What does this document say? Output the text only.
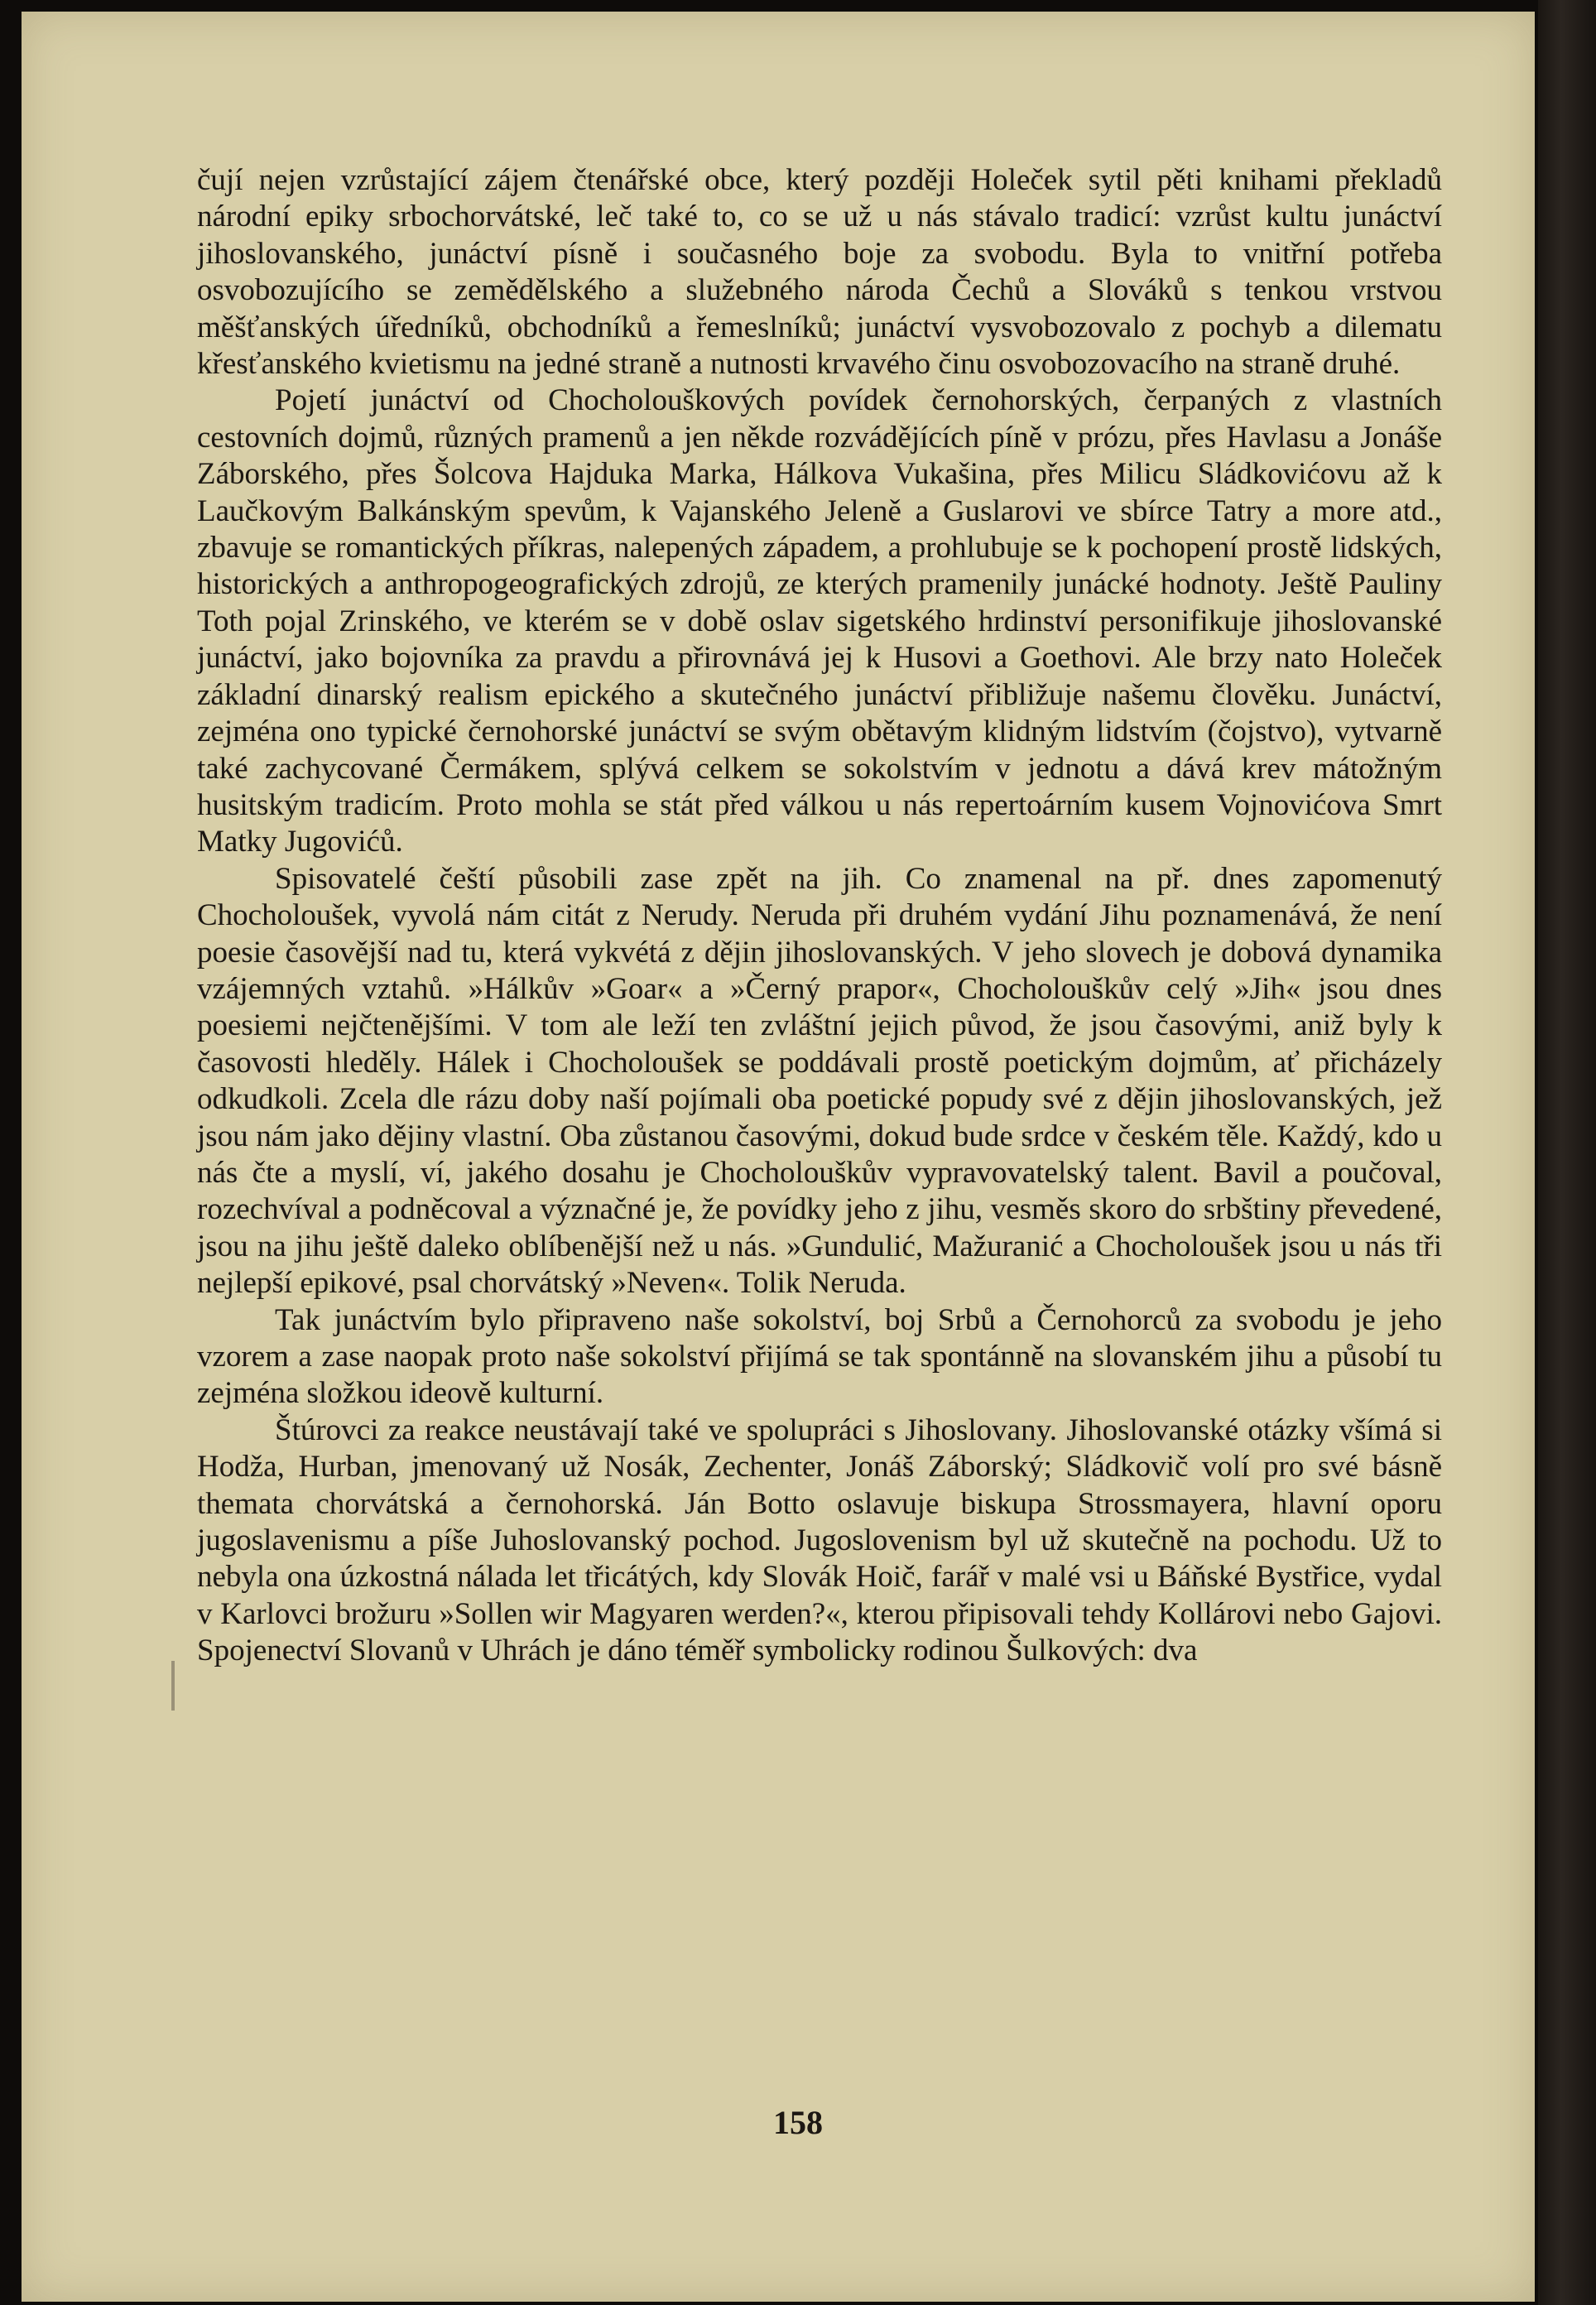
čují nejen vzrůstající zájem čtenářské obce, který později Holeček sytil pěti knihami překladů národní epiky srbochorvátské, leč také to, co se už u nás stávalo tradicí: vzrůst kultu junáctví jihoslovanského, junáctví písně i současného boje za svobodu. Byla to vnitřní potřeba osvobozujícího se zemědělského a služebného národa Čechů a Slováků s tenkou vrstvou měšťanských úředníků, obchodníků a řemeslníků; junáctví vysvobozovalo z pochyb a dilematu křesťanského kvietismu na jedné straně a nutnosti krvavého činu osvobozovacího na straně druhé.

Pojetí junáctví od Chocholouškových povídek černohorských, čerpaných z vlastních cestovních dojmů, různých pramenů a jen někde rozvádějících píně v prózu, přes Havlasu a Jonáše Záborského, přes Šolcova Hajduka Marka, Hálkova Vukašina, přes Milicu Sládkovićovu až k Laučkovým Balkánským spevům, k Vajanského Jeleně a Guslarovi ve sbírce Tatry a more atd., zbavuje se romantických příkras, nalepených západem, a prohlubuje se k pochopení prostě lidských, historických a anthropogeografických zdrojů, ze kterých pramenily junácké hodnoty. Ještě Pauliny Toth pojal Zrinského, ve kterém se v době oslav sigetského hrdinství personifikuje jihoslovanské junáctví, jako bojovníka za pravdu a přirovnává jej k Husovi a Goethovi. Ale brzy nato Holeček základní dinarský realism epického a skutečného junáctví přibližuje našemu člověku. Junáctví, zejména ono typické černohorské junáctví se svým obětavým klidným lidstvím (čojstvo), vytvarně také zachycované Čermákem, splývá celkem se sokolstvím v jednotu a dává krev mátožným husitským tradicím. Proto mohla se stát před válkou u nás repertoárním kusem Vojnovićova Smrt Matky Jugovićů.

Spisovatelé čeští působili zase zpět na jih. Co znamenal na př. dnes zapomenutý Chocholoušek, vyvolá nám citát z Nerudy. Neruda při druhém vydání Jihu poznamenává, že není poesie časovější nad tu, která vykvétá z dějin jihoslovanských. V jeho slovech je dobová dynamika vzájemných vztahů. »Hálkův »Goar« a »Černý prapor«, Chocholouškův celý »Jih« jsou dnes poesiemi nejčtenějšími. V tom ale leží ten zvláštní jejich původ, že jsou časovými, aniž byly k časovosti hleděly. Hálek i Chocholoušek se poddávali prostě poetickým dojmům, ať přicházely odkudkoli. Zcela dle rázu doby naší pojímali oba poetické popudy své z dějin jihoslovanských, jež jsou nám jako dějiny vlastní. Oba zůstanou časovými, dokud bude srdce v českém těle. Každý, kdo u nás čte a myslí, ví, jakého dosahu je Chocholouškův vypravovatelský talent. Bavil a poučoval, rozechvíval a podněcoval a význačné je, že povídky jeho z jihu, vesměs skoro do srbštiny převedené, jsou na jihu ještě daleko oblíbenější než u nás. »Gundulić, Mažuranić a Chocholoušek jsou u nás tři nejlepší epikové, psal chorvátský »Neven«. Tolik Neruda.

Tak junáctvím bylo připraveno naše sokolství, boj Srbů a Černohorců za svobodu je jeho vzorem a zase naopak proto naše sokolství přijímá se tak spontánně na slovanském jihu a působí tu zejména složkou ideově kulturní.

Štúrovci za reakce neustávají také ve spolupráci s Jihoslovany. Jihoslovanské otázky všímá si Hodža, Hurban, jmenovaný už Nosák, Zechenter, Jonáš Záborský; Sládkovič volí pro své básně themata chorvátská a černohorská. Ján Botto oslavuje biskupa Strossmayera, hlavní oporu jugoslavenismu a píše Juhoslovanský pochod. Jugoslovenism byl už skutečně na pochodu. Už to nebyla ona úzkostná nálada let třicátých, kdy Slovák Hoič, farář v malé vsi u Báňské Bystřice, vydal v Karlovci brožuru »Sollen wir Magyaren werden?«, kterou připisovali tehdy Kollárovi nebo Gajovi. Spojenectví Slovanů v Uhrách je dáno téměř symbolicky rodinou Šulkových: dva

158
